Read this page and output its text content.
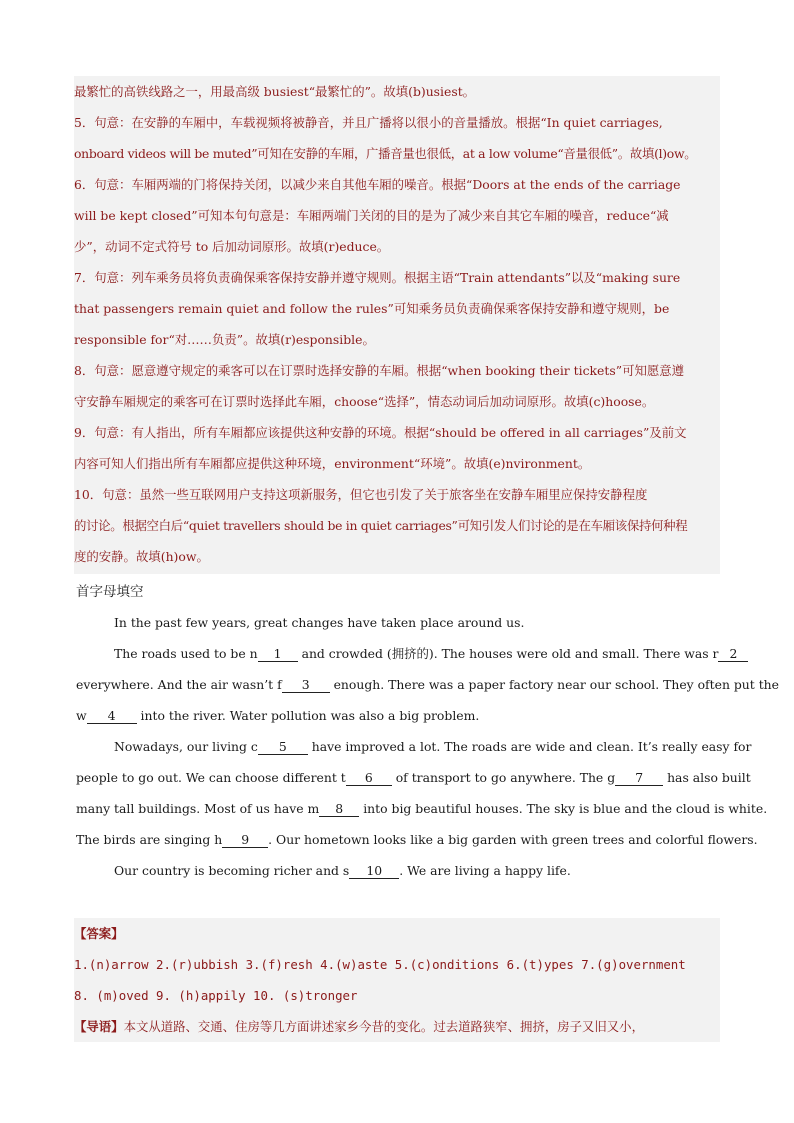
最繁忙的高铁线路之一，用最高级 busiest“最繁忙的”。故填(b)usiest。
5．句意：在安静的车厢中，车载视频将被静音，并且广播将以很小的音量播放。根据“In quiet carriages,
onboard videos will be muted”可知在安静的车厢，广播音量也很低，at a low volume“音量很低”。故填(l)ow。
6．句意：车厢两端的门将保持关闭，以减少来自其他车厢的噪音。根据“Doors at the ends of the carriage
will be kept closed”可知本句句意是：车厢两端门关闭的目的是为了减少来自其它车厢的噪音，reduce“减
少”，动词不定式符号 to 后加动词原形。故填(r)educe。
7．句意：列车乘务员将负责确保乘客保持安静并遵守规则。根据主语“Train attendants”以及“making sure
that passengers remain quiet and follow the rules”可知乘务员负责确保乘客保持安静和遵守规则，be
responsible for“对……负责”。故填(r)esponsible。
8．句意：愿意遵守规定的乘客可以在订票时选择安静的车厢。根据“when booking their tickets”可知愿意遵
守安静车厢规定的乘客可在订票时选择此车厢，choose“选择”，情态动词后加动词原形。故填(c)hoose。
9．句意：有人指出，所有车厢都应该提供这种安静的环境。根据“should be offered in all carriages”及前文
内容可知人们指出所有车厢都应提供这种环境，environment“环境”。故填(e)nvironment。
10．句意：虽然一些互联网用户支持这项新服务，但它也引发了关于旅客坐在安静车厢里应保持安静程度
的讨论。根据空白后“quiet travellers should be in quiet carriages”可知引发人们讨论的是在车厢该保持何种程
度的安静。故填(h)ow。
首字母填空
In the past few years, great changes have taken place around us.
The roads used to be n 1 and crowded (拥挤的). The houses were old and small. There was r 2
everywhere. And the air wasn’t f 3 enough. There was a paper factory near our school. They often put the
w 4 into the river. Water pollution was also a big problem.
Nowadays, our living c 5 have improved a lot. The roads are wide and clean. It’s really easy for
people to go out. We can choose different t 6 of transport to go anywhere. The g 7 has also built
many tall buildings. Most of us have m 8 into big beautiful houses. The sky is blue and the cloud is white.
The birds are singing h 9 . Our hometown looks like a big garden with green trees and colorful flowers.
Our country is becoming richer and s 10 . We are living a happy life.
【答案】
1.(n)arrow 2.(r)ubbish 3.(f)resh 4.(w)aste 5.(c)onditions 6.(t)ypes 7.(g)overnment
8. (m)oved 9. (h)appily 10. (s)tronger
【导语】本文从道路、交通、住房等几方面讲述家乡今昔的变化。过去道路狭窄、拥挤，房子又旧又小，
